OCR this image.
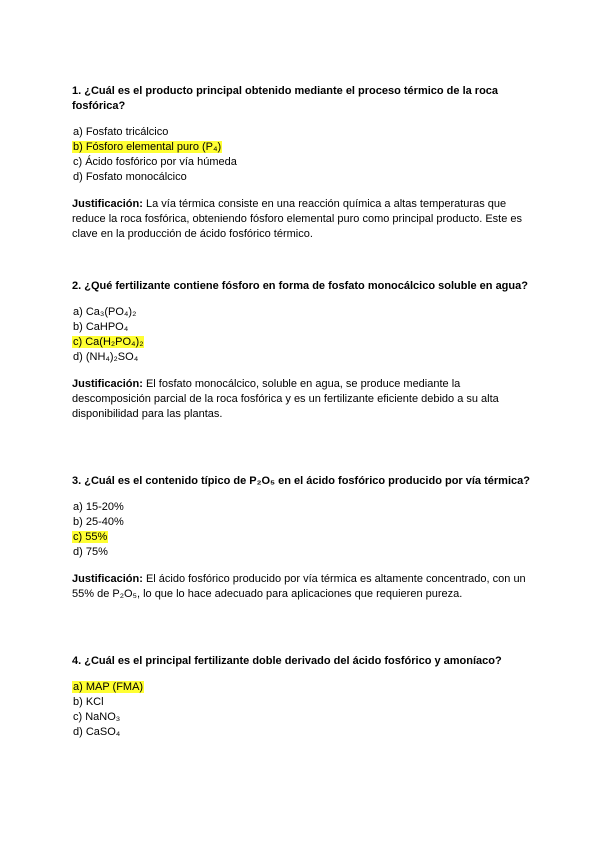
1. ¿Cuál es el producto principal obtenido mediante el proceso térmico de la roca fosfórica?
a) Fosfato tricálcico
b) Fósforo elemental puro (P₄)
c) Ácido fosfórico por vía húmeda
d) Fosfato monocálcico
Justificación: La vía térmica consiste en una reacción química a altas temperaturas que reduce la roca fosfórica, obteniendo fósforo elemental puro como principal producto. Este es clave en la producción de ácido fosfórico térmico.
2. ¿Qué fertilizante contiene fósforo en forma de fosfato monocálcico soluble en agua?
a) Ca₃(PO₄)₂
b) CaHPO₄
c) Ca(H₂PO₄)₂
d) (NH₄)₂SO₄
Justificación: El fosfato monocálcico, soluble en agua, se produce mediante la descomposición parcial de la roca fosfórica y es un fertilizante eficiente debido a su alta disponibilidad para las plantas.
3. ¿Cuál es el contenido típico de P₂O₅ en el ácido fosfórico producido por vía térmica?
a) 15-20%
b) 25-40%
c) 55%
d) 75%
Justificación: El ácido fosfórico producido por vía térmica es altamente concentrado, con un 55% de P₂O₅, lo que lo hace adecuado para aplicaciones que requieren pureza.
4. ¿Cuál es el principal fertilizante doble derivado del ácido fosfórico y amoníaco?
a) MAP (FMA)
b) KCl
c) NaNO₃
d) CaSO₄
